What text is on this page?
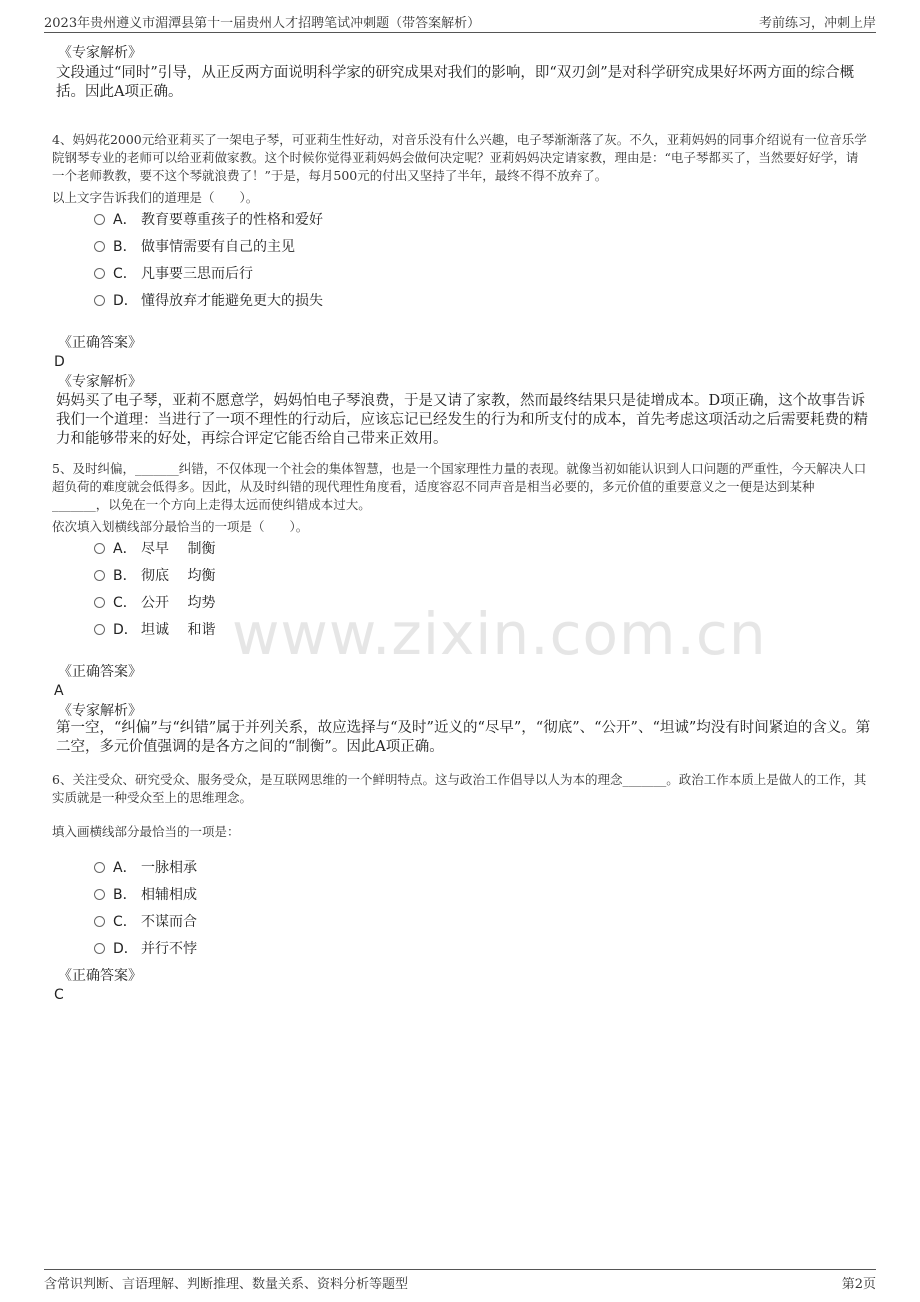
2023年贵州遵义市湄潭县第十一届贵州人才招聘笔试冲刺题（带答案解析）	考前练习，冲刺上岸
www.zixin.com.cn
《专家解析》
文段通过“同时”引导，从正反两方面说明科学家的研究成果对我们的影响，即“双刃剑”是对科学研究成果好坏两方面的综合概括。因此A项正确。
4、妈妈花2000元给亚莉买了一架电子琴，可亚莉生性好动，对音乐没有什么兴趣，电子琴渐渐落了灰。不久，亚莉妈妈的同事介绍说有一位音乐学院钢琴专业的老师可以给亚莉做家教。这个时候你觉得亚莉妈妈会做何决定呢？亚莉妈妈决定请家教，理由是：“电子琴都买了，当然要好好学，请一个老师教教，要不这个琴就浪费了！”于是，每月500元的付出又坚持了半年，最终不得不放弃了。
以上文字告诉我们的道理是（　　）。
A． 教育要尊重孩子的性格和爱好
B． 做事情需要有自己的主见
C． 凡事要三思而后行
D． 懂得放弃才能避免更大的损失
《正确答案》
D
《专家解析》
妈妈买了电子琴，亚莉不愿意学，妈妈怕电子琴浪费，于是又请了家教，然而最终结果只是徒增成本。D项正确，这个故事告诉我们一个道理：当进行了一项不理性的行动后，应该忘记已经发生的行为和所支付的成本，首先考虑这项活动之后需要耗费的精力和能够带来的好处，再综合评定它能否给自己带来正效用。
5、及时纠偏，_______纠错，不仅体现一个社会的集体智慧，也是一个国家理性力量的表现。就像当初如能认识到人口问题的严重性，今天解决人口超负荷的难度就会低得多。因此，从及时纠错的现代理性角度看，适度容忍不同声音是相当必要的，多元价值的重要意义之一便是达到某种_______，以免在一个方向上走得太远而使纠错成本过大。
依次填入划横线部分最恰当的一项是（　　）。
A． 尽早　 制衡
B． 彻底　 均衡
C． 公开　 均势
D． 坦诚　 和谐
《正确答案》
A
《专家解析》
第一空，“纠偏”与“纠错”属于并列关系，故应选择与“及时”近义的“尽早”，“彻底”、“公开”、“坦诚”均没有时间紧迫的含义。第二空，多元价值强调的是各方之间的“制衡”。因此A项正确。
6、关注受众、研究受众、服务受众，是互联网思维的一个鲜明特点。这与政治工作倡导以人为本的理念_______。政治工作本质上是做人的工作，其实质就是一种受众至上的思维理念。
填入画横线部分最恰当的一项是：
A． 一脉相承
B． 相辅相成
C． 不谋而合
D． 并行不悖
《正确答案》
C
含常识判断、言语理解、判断推理、数量关系、资料分析等题型	第2页
